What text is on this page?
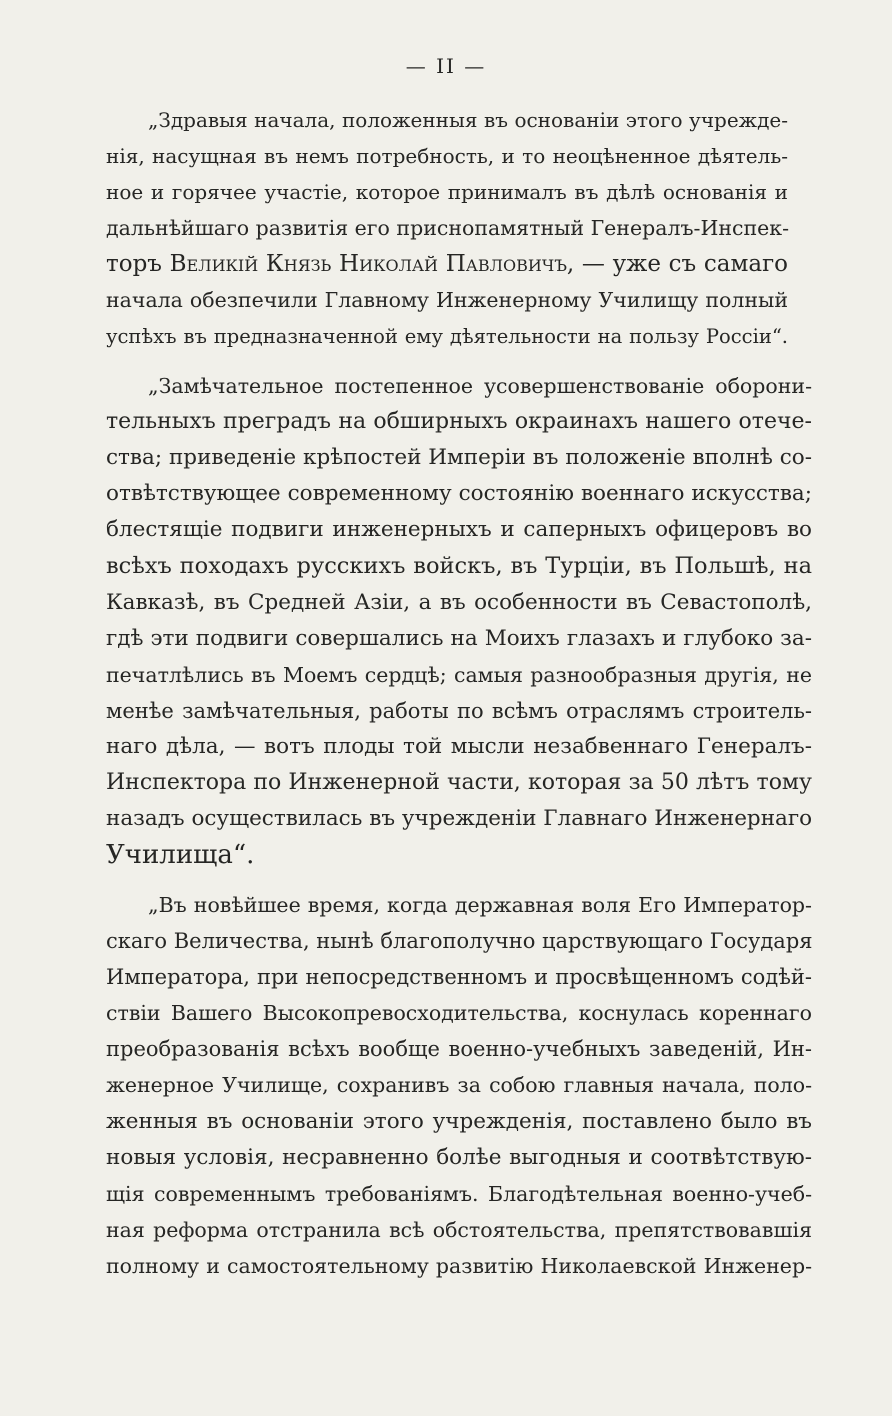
— II —
„Здравыя начала, положенныя въ основанiи этого учрежде-
нiя, насущная въ немъ потребность, и то неоцѣненное дѣятель-
ное и горячее участiе, которое принималъ въ дѣлѣ основанiя и
дальнѣйшаго развитiя его приснопамятный Генералъ-Инспек-
торъ Великiй Князь Николай Павловичъ, — уже съ самаго
начала обезпечили Главному Инженерному Училищу полный
успѣхъ въ предназначенной ему дѣятельности на пользу Россiи“.
„Замѣчательное постепенное усовершенствованiе оборони-
тельныхъ преградъ на обширныхъ окраинахъ нашего отече-
ства; приведенiе крѣпостей Имперiи въ положенiе вполнѣ со-
отвѣтствующее современному состоянiю военнаго искусства;
блестящiе подвиги инженерныхъ и саперныхъ офицеровъ во
всѣхъ походахъ русскихъ войскъ, въ Турцiи, въ Польшѣ, на
Кавказѣ, въ Средней Азiи, а въ особенности въ Севастополѣ,
гдѣ эти подвиги совершались на Моихъ глазахъ и глубоко за-
печатлѣлись въ Моемъ сердцѣ; самыя разнообразныя другiя, не
менѣе замѣчательныя, работы по всѣмъ отраслямъ строитель-
наго дѣла, — вотъ плоды той мысли незабвеннаго Генералъ-
Инспектора по Инженерной части, которая за 50 лѣтъ тому
назадъ осуществилась въ учрежденiи Главнаго Инженернаго
Училища“.
„Въ новѣйшее время, когда державная воля Его Император-
скаго Величества, нынѣ благополучно царствующаго Государя
Императора, при непосредственномъ и просвѣщенномъ содѣй-
ствiи Вашего Высокопревосходительства, коснулась кореннаго
преобразованiя всѣхъ вообще военно-учебныхъ заведенiй, Ин-
женерное Училище, сохранивъ за собою главныя начала, поло-
женныя въ основанiи этого учрежденiя, поставлено было въ
новыя условiя, несравненно болѣе выгодныя и соотвѣтствую-
щiя современнымъ требованiямъ. Благодѣтельная военно-учеб-
ная реформа отстранила всѣ обстоятельства, препятствовавшiя
полному и самостоятельному развитiю Николаевской Инженер-
